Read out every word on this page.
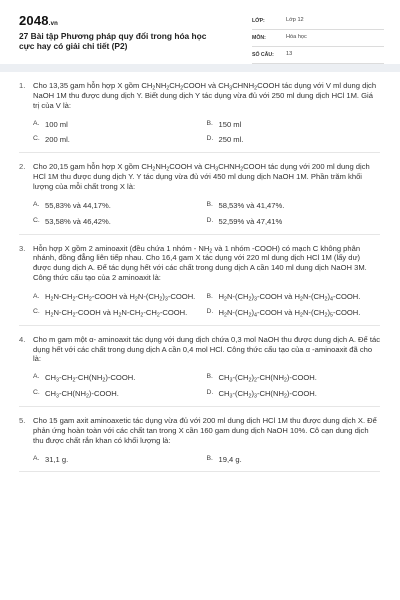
2048.vn
27 Bài tập Phương pháp quy đổi trong hóa học cực hay có giải chi tiết (P2)
LỚP:	Lớp 12
MÔN:	Hóa học
SỐ CÂU:	13
1.	Cho 13,35 gam hỗn hợp X gồm $CH_2NH_2CH_2COOH$ và $CH_3CHNH_2COOH$ tác dụng với V ml dung dịch NaOH 1M thu được dung dịch Y. Biết dung dịch Y tác dụng vừa đủ với 250 ml dung dịch HCl 1M. Giá trị của V là:
A. 100 ml	B. 150 ml
C. 200 ml.	D. 250 ml.
2.	Cho 20,15 gam hỗn hợp X gồm $CH_2NH_2COOH$ và $CH_3CHNH_2COOH$ tác dụng với 200 ml dung dịch HCl 1M thu được dung dịch Y. Y tác dụng vừa đủ với 450 ml dung dịch NaOH 1M. Phần trăm khối lượng của mỗi chất trong X là:
A. 55,83% và 44,17%.	B. 58,53% và 41,47%.
C. 53,58% và 46,42%.	D. 52,59% và 47,41%
3.	Hỗn hợp X gồm 2 aminoaxit (đều chứa 1 nhóm - $NH_2$ và 1 nhóm -COOH) có mạch C không phân nhánh, đồng đẳng liên tiếp nhau. Cho 16,4 gam X tác dụng với 220 ml dung dịch HCl 1M (lấy dư) được dung dịch A. Để tác dụng hết với các chất trong dung dịch A cần 140 ml dung dịch NaOH 3M. Công thức cấu tạo của 2 aminoaxit là:
A. $H_2N-CH_2-CH_2$-COOH và $H_2N-(CH_2)_3$-COOH.	B. $H_2N-(CH_2)_3$-COOH và $H_2N-(CH_2)_4$-COOH.
C. $H_2N-CH_2$-COOH và $H_2N-CH_2-CH_2$-COOH.	D. $H_2N-(CH_2)_4$-COOH và $H_2N-(CH_2)_5$-COOH.
4.	Cho m gam một α- aminoaxit tác dụng với dung dịch chứa 0,3 mol NaOH thu được dung dịch A. Để tác dụng hết với các chất trong dung dịch A cần 0,4 mol HCl. Công thức cấu tạo của α -aminoaxit đã cho là:
A. $CH_3-CH_2-CH(NH_2)$-COOH.	B. $CH_3-(CH_2)_2-CH(NH_2)$-COOH.
C. $CH_3-CH(NH_2)$-COOH.	D. $CH_3-(CH_2)_3-CH(NH_2)$-COOH.
5.	Cho 15 gam axit aminoaxetic tác dụng vừa đủ với 200 ml dung dịch HCl 1M thu được dung dịch X. Để phản ứng hoàn toàn với các chất tan trong X cần 160 gam dung dịch NaOH 10%. Cô cạn dung dịch thu được chất rắn khan có khối lượng là:
A. 31,1 g.	B. 19,4 g.
